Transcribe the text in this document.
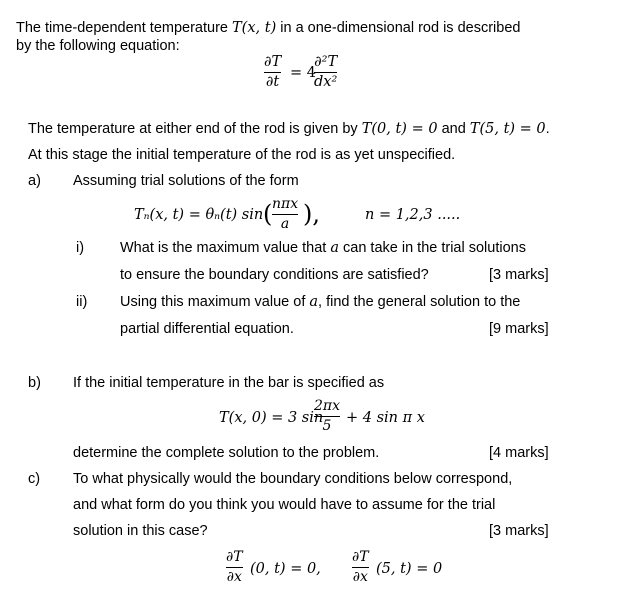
The time-dependent temperature T(x, t) in a one-dimensional rod is described
by the following equation:
∂T
∂t
= 4
∂²T
dx²
The temperature at either end of the rod is given by T(0, t) = 0 and T(5, t) = 0.
At this stage the initial temperature of the rod is as yet unspecified.
a) Assuming trial solutions of the form
Tₙ(x, t) = θₙ(t) sin ( nπx
a ),	n = 1,2,3 .....
i) What is the maximum value that a can take in the trial solutions
to ensure the boundary conditions are satisfied?	[3 marks]
ii) Using this maximum value of a, find the general solution to the
partial differential equation.	[9 marks]
b) If the initial temperature in the bar is specified as
T(x, 0) = 3 sin
2πx
5	+ 4 sin π x
determine the complete solution to the problem.	[4 marks]
c) To what physically would the boundary conditions below correspond,
and what form do you think you would have to assume for the trial
solution in this case?	[3 marks]
∂T
∂x (0, t) = 0,
∂T
∂x (5, t) = 0
